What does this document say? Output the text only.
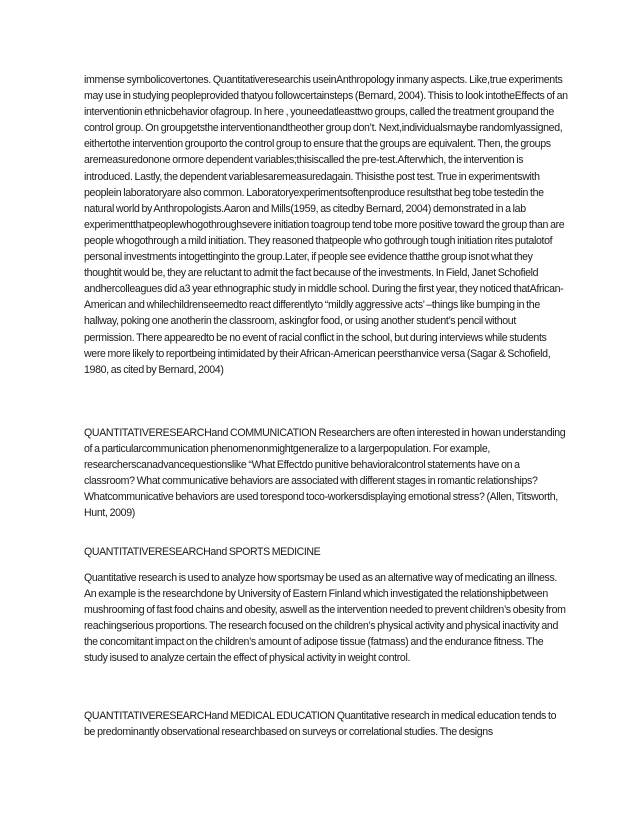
immense symbolicovertones. Quantitativeresearchis useinAnthropology inmany aspects. Like,true experiments may use in studying peopleprovided thatyou followcertainsteps (Bernard, 2004). Thisis to look intotheEffects of an interventionin ethnicbehavior ofagroup. In here , youneedatleasttwo groups, called the treatment groupand the control group. On groupgetsthe interventionandtheother group don’t. Next,individualsmaybe randomlyassigned, eithertothe intervention grouporto the control group to ensure that the groups are equivalent. Then, the groups aremeasuredonone ormore dependent variables;thisiscalled the pre-test.Afterwhich, the intervention is introduced. Lastly, the dependent variablesaremeasuredagain. Thisisthe post test. True in experimentswith peoplein laboratoryare also common. Laboratoryexperimentsoftenproduce resultsthat beg tobe testedin the natural world by Anthropologists.Aaron and Mills(1959, as citedby Bernard, 2004) demonstrated in a lab experimentthatpeoplewhogothroughsevere initiation toagroup tend tobe more positive toward the group than are people whogothrough a mild initiation. They reasoned thatpeople who gothrough tough initiation rites putalotof personal investments intogettinginto the group.Later, if people see evidence thatthe group isnot what they thoughtit would be, they are reluctant to admit the fact because of the investments. In Field, Janet Schofield andhercolleagues did a3 year ethnographic study in middle school. During the first year, they noticed thatAfrican-American and whilechildrenseemedto react differentlyto “mildly aggressive acts’ –things like bumping in the hallway, poking one anotherin the classroom, askingfor food, or using another student’s pencil without permission. There appearedto be no event of racial conflict in the school, but during interviews while students were more likely to reportbeing intimidated by their African-American peersthanvice versa (Sagar & Schofield, 1980, as cited by Bernard, 2004)

QUANTITATIVERESEARCHand COMMUNICATION Researchers are often interested in howan understanding of a particularcommunication phenomenonmightgeneralize to a largerpopulation. For example, researcherscanadvancequestionslike “What Effectdo punitive behavioralcontrol statements have on a classroom? What communicative behaviors are associated with different stages in romantic relationships? Whatcommunicative behaviors are used torespond toco-workersdisplaying emotional stress? (Allen, Titsworth, Hunt, 2009)

QUANTITATIVERESEARCHand SPORTS MEDICINE

Quantitative research is used to analyze how sportsmay be used as an alternative way of medicating an illness. An example is the researchdone by University of Eastern Finland which investigated the relationshipbetween mushrooming of fast food chains and obesity, aswell as the intervention needed to prevent children’s obesity from reachingserious proportions. The research focused on the children’s physical activity and physical inactivity and the concomitant impact on the children’s amount of adipose tissue (fatmass) and the endurance fitness. The study isused to analyze certain the effect of physical activity in weight control.

QUANTITATIVERESEARCHand MEDICAL EDUCATION Quantitative research in medical education tends to be predominantly observational researchbased on surveys or correlational studies. The designs
